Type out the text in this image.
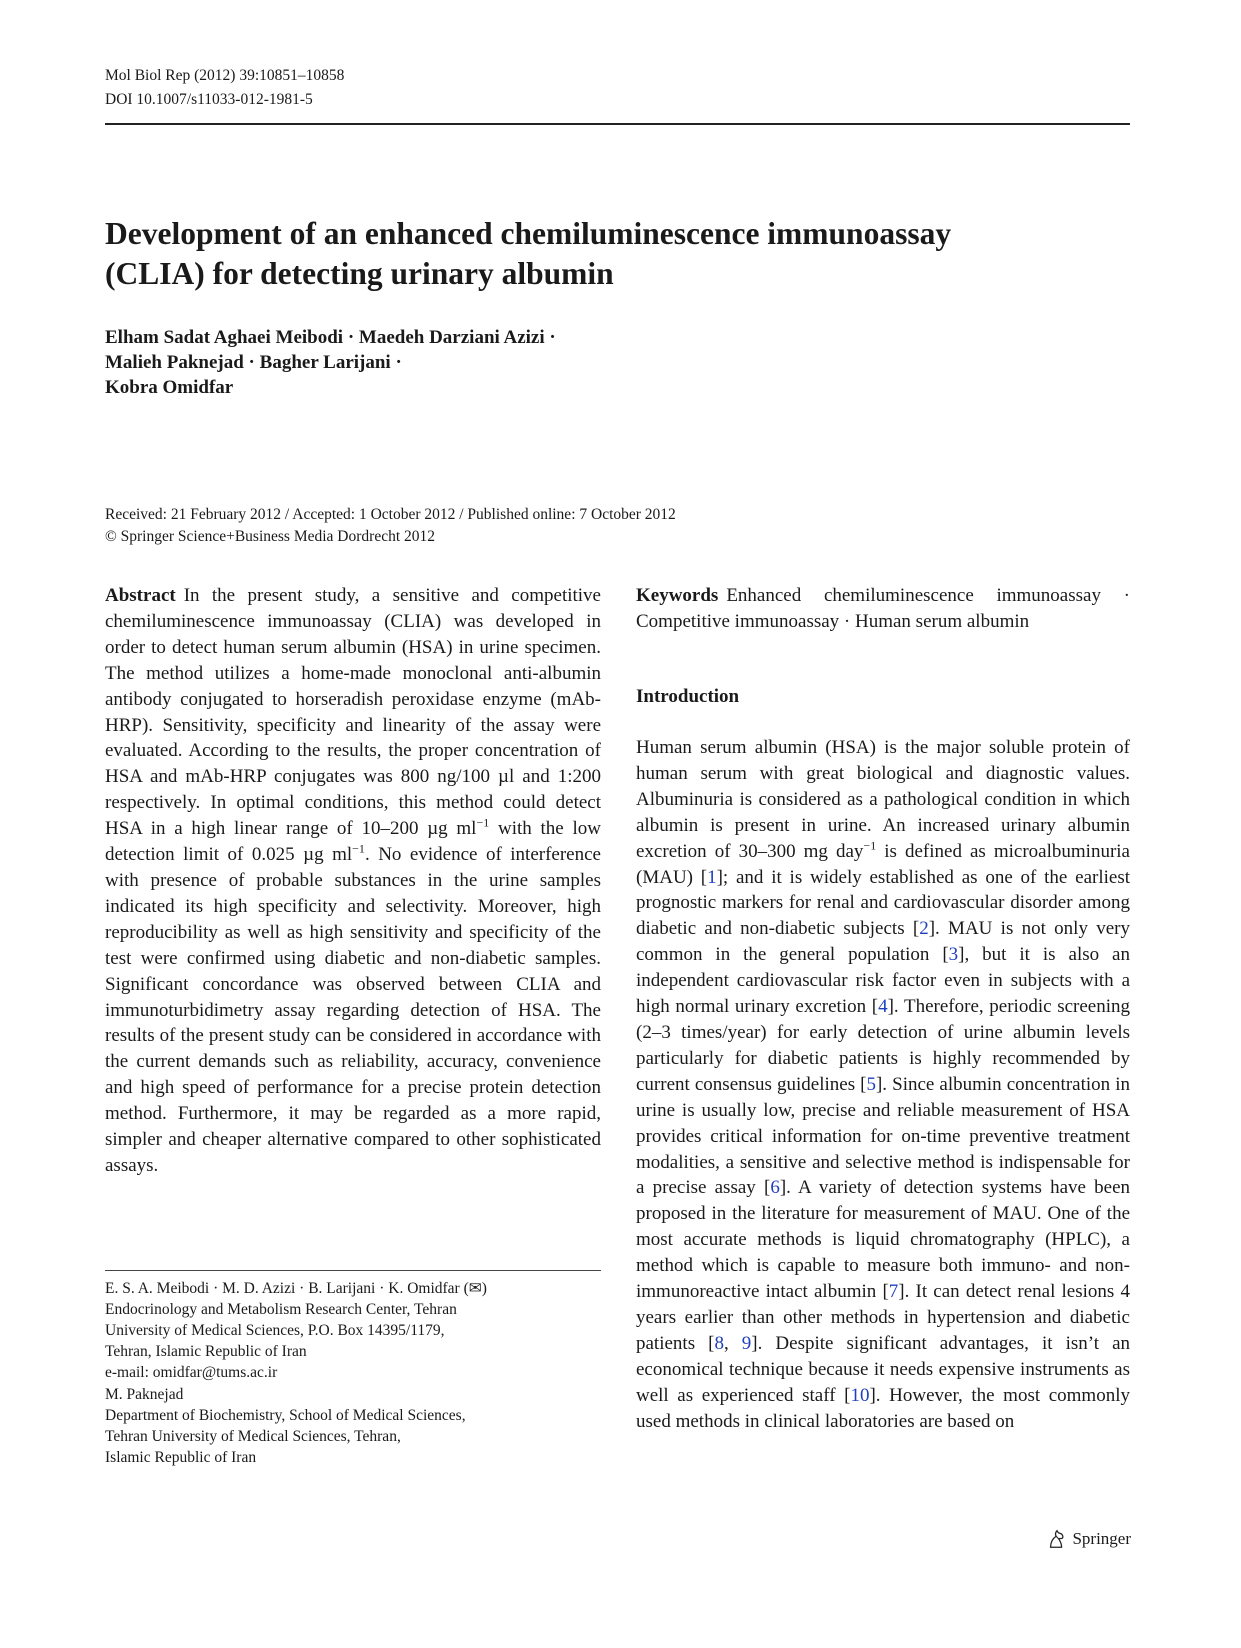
Mol Biol Rep (2012) 39:10851–10858
DOI 10.1007/s11033-012-1981-5
Development of an enhanced chemiluminescence immunoassay
(CLIA) for detecting urinary albumin
Elham Sadat Aghaei Meibodi · Maedeh Darziani Azizi ·
Malieh Paknejad · Bagher Larijani ·
Kobra Omidfar
Received: 21 February 2012 / Accepted: 1 October 2012 / Published online: 7 October 2012
© Springer Science+Business Media Dordrecht 2012
Abstract In the present study, a sensitive and competitive chemiluminescence immunoassay (CLIA) was developed in order to detect human serum albumin (HSA) in urine specimen. The method utilizes a home-made monoclonal anti-albumin antibody conjugated to horseradish peroxidase enzyme (mAb-HRP). Sensitivity, specificity and linearity of the assay were evaluated. According to the results, the proper concentration of HSA and mAb-HRP conjugates was 800 ng/100 µl and 1:200 respectively. In optimal conditions, this method could detect HSA in a high linear range of 10–200 µg $ml^{-1}$ with the low detection limit of 0.025 µg $ml^{-1}$. No evidence of interference with presence of probable substances in the urine samples indicated its high specificity and selectivity. Moreover, high reproducibility as well as high sensitivity and specificity of the test were confirmed using diabetic and non-diabetic samples. Significant concordance was observed between CLIA and immunoturbidimetry assay regarding detection of HSA. The results of the present study can be considered in accordance with the current demands such as reliability, accuracy, convenience and high speed of performance for a precise protein detection method. Furthermore, it may be regarded as a more rapid, simpler and cheaper alternative compared to other sophisticated assays.
E. S. A. Meibodi · M. D. Azizi · B. Larijani · K. Omidfar (✉)
Endocrinology and Metabolism Research Center, Tehran
University of Medical Sciences, P.O. Box 14395/1179,
Tehran, Islamic Republic of Iran
e-mail: omidfar@tums.ac.ir
M. Paknejad
Department of Biochemistry, School of Medical Sciences,
Tehran University of Medical Sciences, Tehran,
Islamic Republic of Iran
Keywords Enhanced chemiluminescence immunoassay · Competitive immunoassay · Human serum albumin
Introduction
Human serum albumin (HSA) is the major soluble protein of human serum with great biological and diagnostic values. Albuminuria is considered as a pathological condition in which albumin is present in urine. An increased urinary albumin excretion of 30–300 mg day$^{-1}$ is defined as microalbuminuria (MAU) [1]; and it is widely established as one of the earliest prognostic markers for renal and cardiovascular disorder among diabetic and non-diabetic subjects [2]. MAU is not only very common in the general population [3], but it is also an independent cardiovascular risk factor even in subjects with a high normal urinary excretion [4]. Therefore, periodic screening (2–3 times/year) for early detection of urine albumin levels particularly for diabetic patients is highly recommended by current consensus guidelines [5]. Since albumin concentration in urine is usually low, precise and reliable measurement of HSA provides critical information for on-time preventive treatment modalities, a sensitive and selective method is indispensable for a precise assay [6]. A variety of detection systems have been proposed in the literature for measurement of MAU. One of the most accurate methods is liquid chromatography (HPLC), a method which is capable to measure both immuno- and non-immunoreactive intact albumin [7]. It can detect renal lesions 4 years earlier than other methods in hypertension and diabetic patients [8, 9]. Despite significant advantages, it isn’t an economical technique because it needs expensive instruments as well as experienced staff [10]. However, the most commonly used methods in clinical laboratories are based on
Springer
